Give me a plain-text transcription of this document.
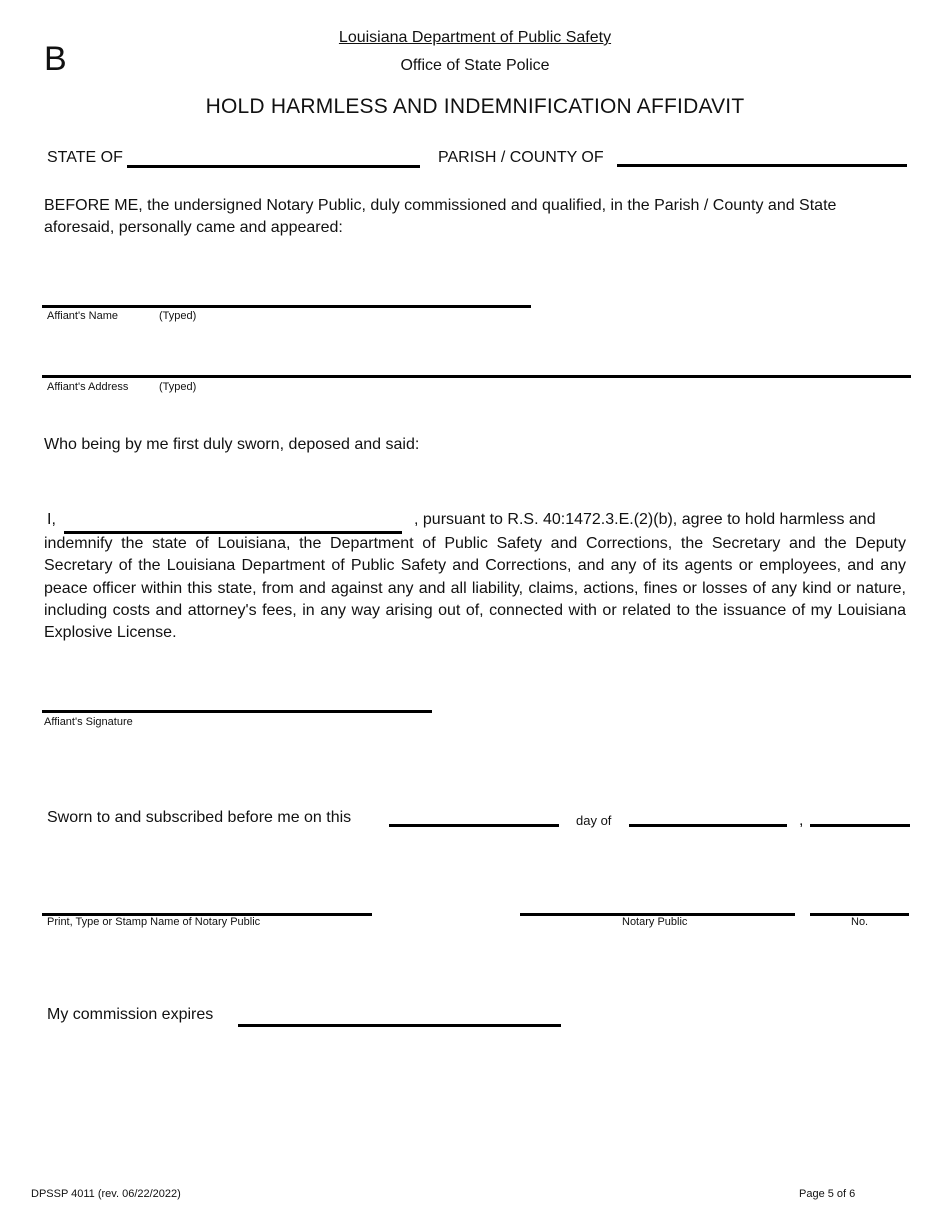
B
Louisiana Department of Public Safety
Office of State Police
HOLD HARMLESS AND INDEMNIFICATION AFFIDAVIT
STATE OF	PARISH / COUNTY OF
BEFORE ME, the undersigned Notary Public, duly commissioned and qualified, in the Parish / County and State aforesaid, personally came and appeared:
Affiant's Name	(Typed)
Affiant's Address	(Typed)
Who being by me first duly sworn, deposed and said:
I,	, pursuant to R.S. 40:1472.3.E.(2)(b), agree to hold harmless and
indemnify the state of Louisiana, the Department of Public Safety and Corrections, the Secretary and the Deputy Secretary of the Louisiana Department of Public Safety and Corrections, and any of its agents or employees, and any peace officer within this state, from and against any and all liability, claims, actions, fines or losses of any kind or nature, including costs and attorney's fees, in any way arising out of, connected with or related to the issuance of my Louisiana Explosive License.
Affiant's Signature
Sworn to and subscribed before me on this	day of	,
Print, Type or Stamp Name of Notary Public	Notary Public	No.
My commission expires
DPSSP 4011 (rev. 06/22/2022)	Page 5 of 6
